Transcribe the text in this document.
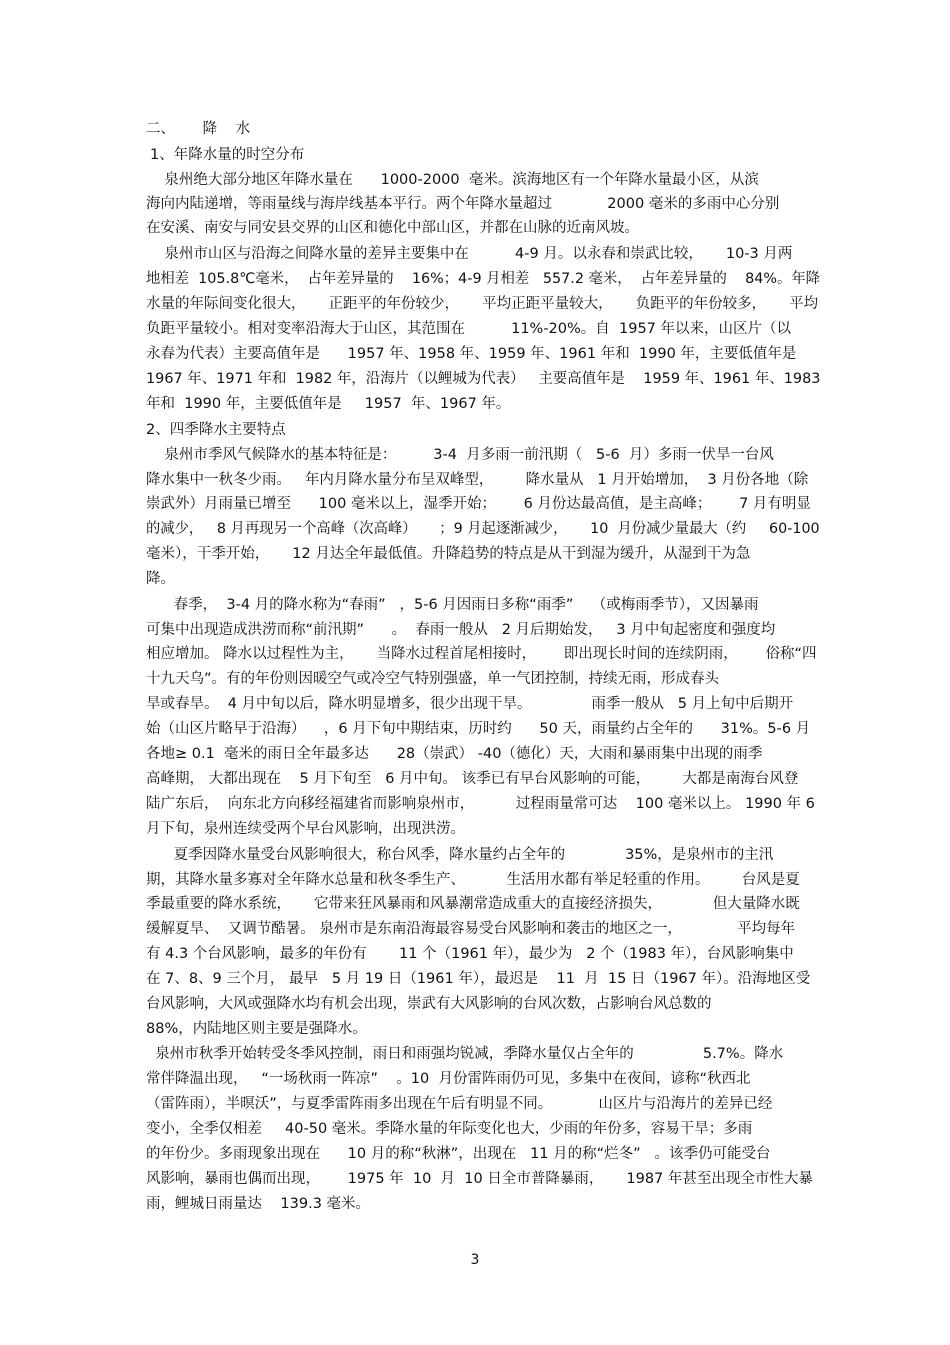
二、      降    水
1、年降水量的时空分布
泉州绝大部分地区年降水量在      1000-2000  毫米。滨海地区有一个年降水量最小区，从滨
海向内陆递增，等雨量线与海岸线基本平行。两个年降水量超过            2000 毫米的多雨中心分别
在安溪、南安与同安县交界的山区和德化中部山区，并都在山脉的近南风坡。
泉州市山区与沿海之间降水量的差异主要集中在          4-9 月。以永春和崇武比较，     10-3 月两
地相差  105.8℃毫米，  占年差异量的    16%；4-9 月相差   557.2 毫米，  占年差异量的    84%。年降
水量的年际间变化很大，     正距平的年份较少，     平均正距平量较大，     负距平的年份较多，     平均
负距平量较小。相对变率沿海大于山区，其范围在          11%-20%。自  1957 年以来，山区片（以
永春为代表）主要高值年是      1957 年、1958 年、1959 年、1961 年和  1990 年，主要低值年是
1967 年、1971 年和  1982 年，沿海片（以鲤城为代表）   主要高值年是    1959 年、1961 年、1983
年和  1990 年，主要低值年是     1957  年、1967 年。
2、四季降水主要特点
泉州市季风气候降水的基本特征是：        3-4  月多雨一前汛期（   5-6  月）多雨一伏旱一台风
降水集中一秋冬少雨。   年内月降水量分布呈双峰型，       降水量从   1 月开始增加，  3 月份各地（除
崇武外）月雨量已增至      100 毫米以上，湿季开始；      6 月份达最高值，是主高峰；      7 月有明显
的减少，   8 月再现另一个高峰（次高峰）     ；9 月起逐渐减少，     10  月份减少量最大（约     60-100
毫米），干季开始，     12 月达全年最低值。升降趋势的特点是从干到湿为缓升，从湿到干为急
降。
春季，  3-4 月的降水称为“春雨”   ，5-6 月因雨日多称“雨季”    （或梅雨季节），又因暴雨
可集中出现造成洪涝而称“前汛期”      。  春雨一般从   2 月后期始发，   3 月中旬起密度和强度均
相应增加。 降水以过程性为主，     当降水过程首尾相接时，      即出现长时间的连续阴雨，      俗称“四
十九天乌”。有的年份则因暖空气或冷空气特别强盛，单一气团控制，持续无雨，形成春头
旱或春旱。  4 月中旬以后，降水明显增多，很少出现干旱。             雨季一般从   5 月上旬中后期开
始（山区片略早于沿海）    ，6 月下旬中期结束，历时约      50 天，雨量约占全年的      31%。5-6 月
各地≥ 0.1  毫米的雨日全年最多达      28（崇武） -40（德化）天，大雨和暴雨集中出现的雨季
高峰期， 大都出现在    5 月下旬至   6 月中旬。 该季已有早台风影响的可能，       大都是南海台风登
陆广东后，  向东北方向移经福建省而影响泉州市，         过程雨量常可达    100 毫米以上。 1990 年 6
月下旬，泉州连续受两个早台风影响，出现洪涝。
夏季因降水量受台风影响很大，称台风季，降水量约占全年的             35%，是泉州市的主汛
期，其降水量多寡对全年降水总量和秋冬季生产、         生活用水都有举足轻重的作用。       台风是夏
季最重要的降水系统，     它带来狂风暴雨和风暴潮常造成重大的直接经济损失，           但大量降水既
缓解夏旱、  又调节酷暑。 泉州市是东南沿海最容易受台风影响和袭击的地区之一，            平均每年
有 4.3 个台风影响，最多的年份有       11 个（1961 年），最少为   2 个（1983 年），台风影响集中
在 7、8、9 三个月， 最早   5 月 19 日（1961 年），最迟是    11  月  15 日（1967 年）。沿海地区受
台风影响，大风或强降水均有机会出现，崇武有大风影响的台风次数，占影响台风总数的
88%，内陆地区则主要是强降水。
泉州市秋季开始转受冬季风控制，雨日和雨强均锐减，季降水量仅占全年的               5.7%。降水
常伴降温出现，   “一场秋雨一阵凉”    。10  月份雷阵雨仍可见，多集中在夜间，谚称“秋西北
（雷阵雨），半暝沃”，与夏季雷阵雨多出现在午后有明显不同。          山区片与沿海片的差异已经
变小，全季仅相差     40-50 毫米。季降水量的年际变化也大，少雨的年份多，容易干旱；多雨
的年份少。多雨现象出现在      10 月的称“秋淋”，出现在   11 月的称“烂冬”   。该季仍可能受台
风影响，暴雨也偶而出现，      1975 年  10  月  10 日全市普降暴雨，     1987 年甚至出现全市性大暴
雨，鲤城日雨量达    139.3 毫米。
3
